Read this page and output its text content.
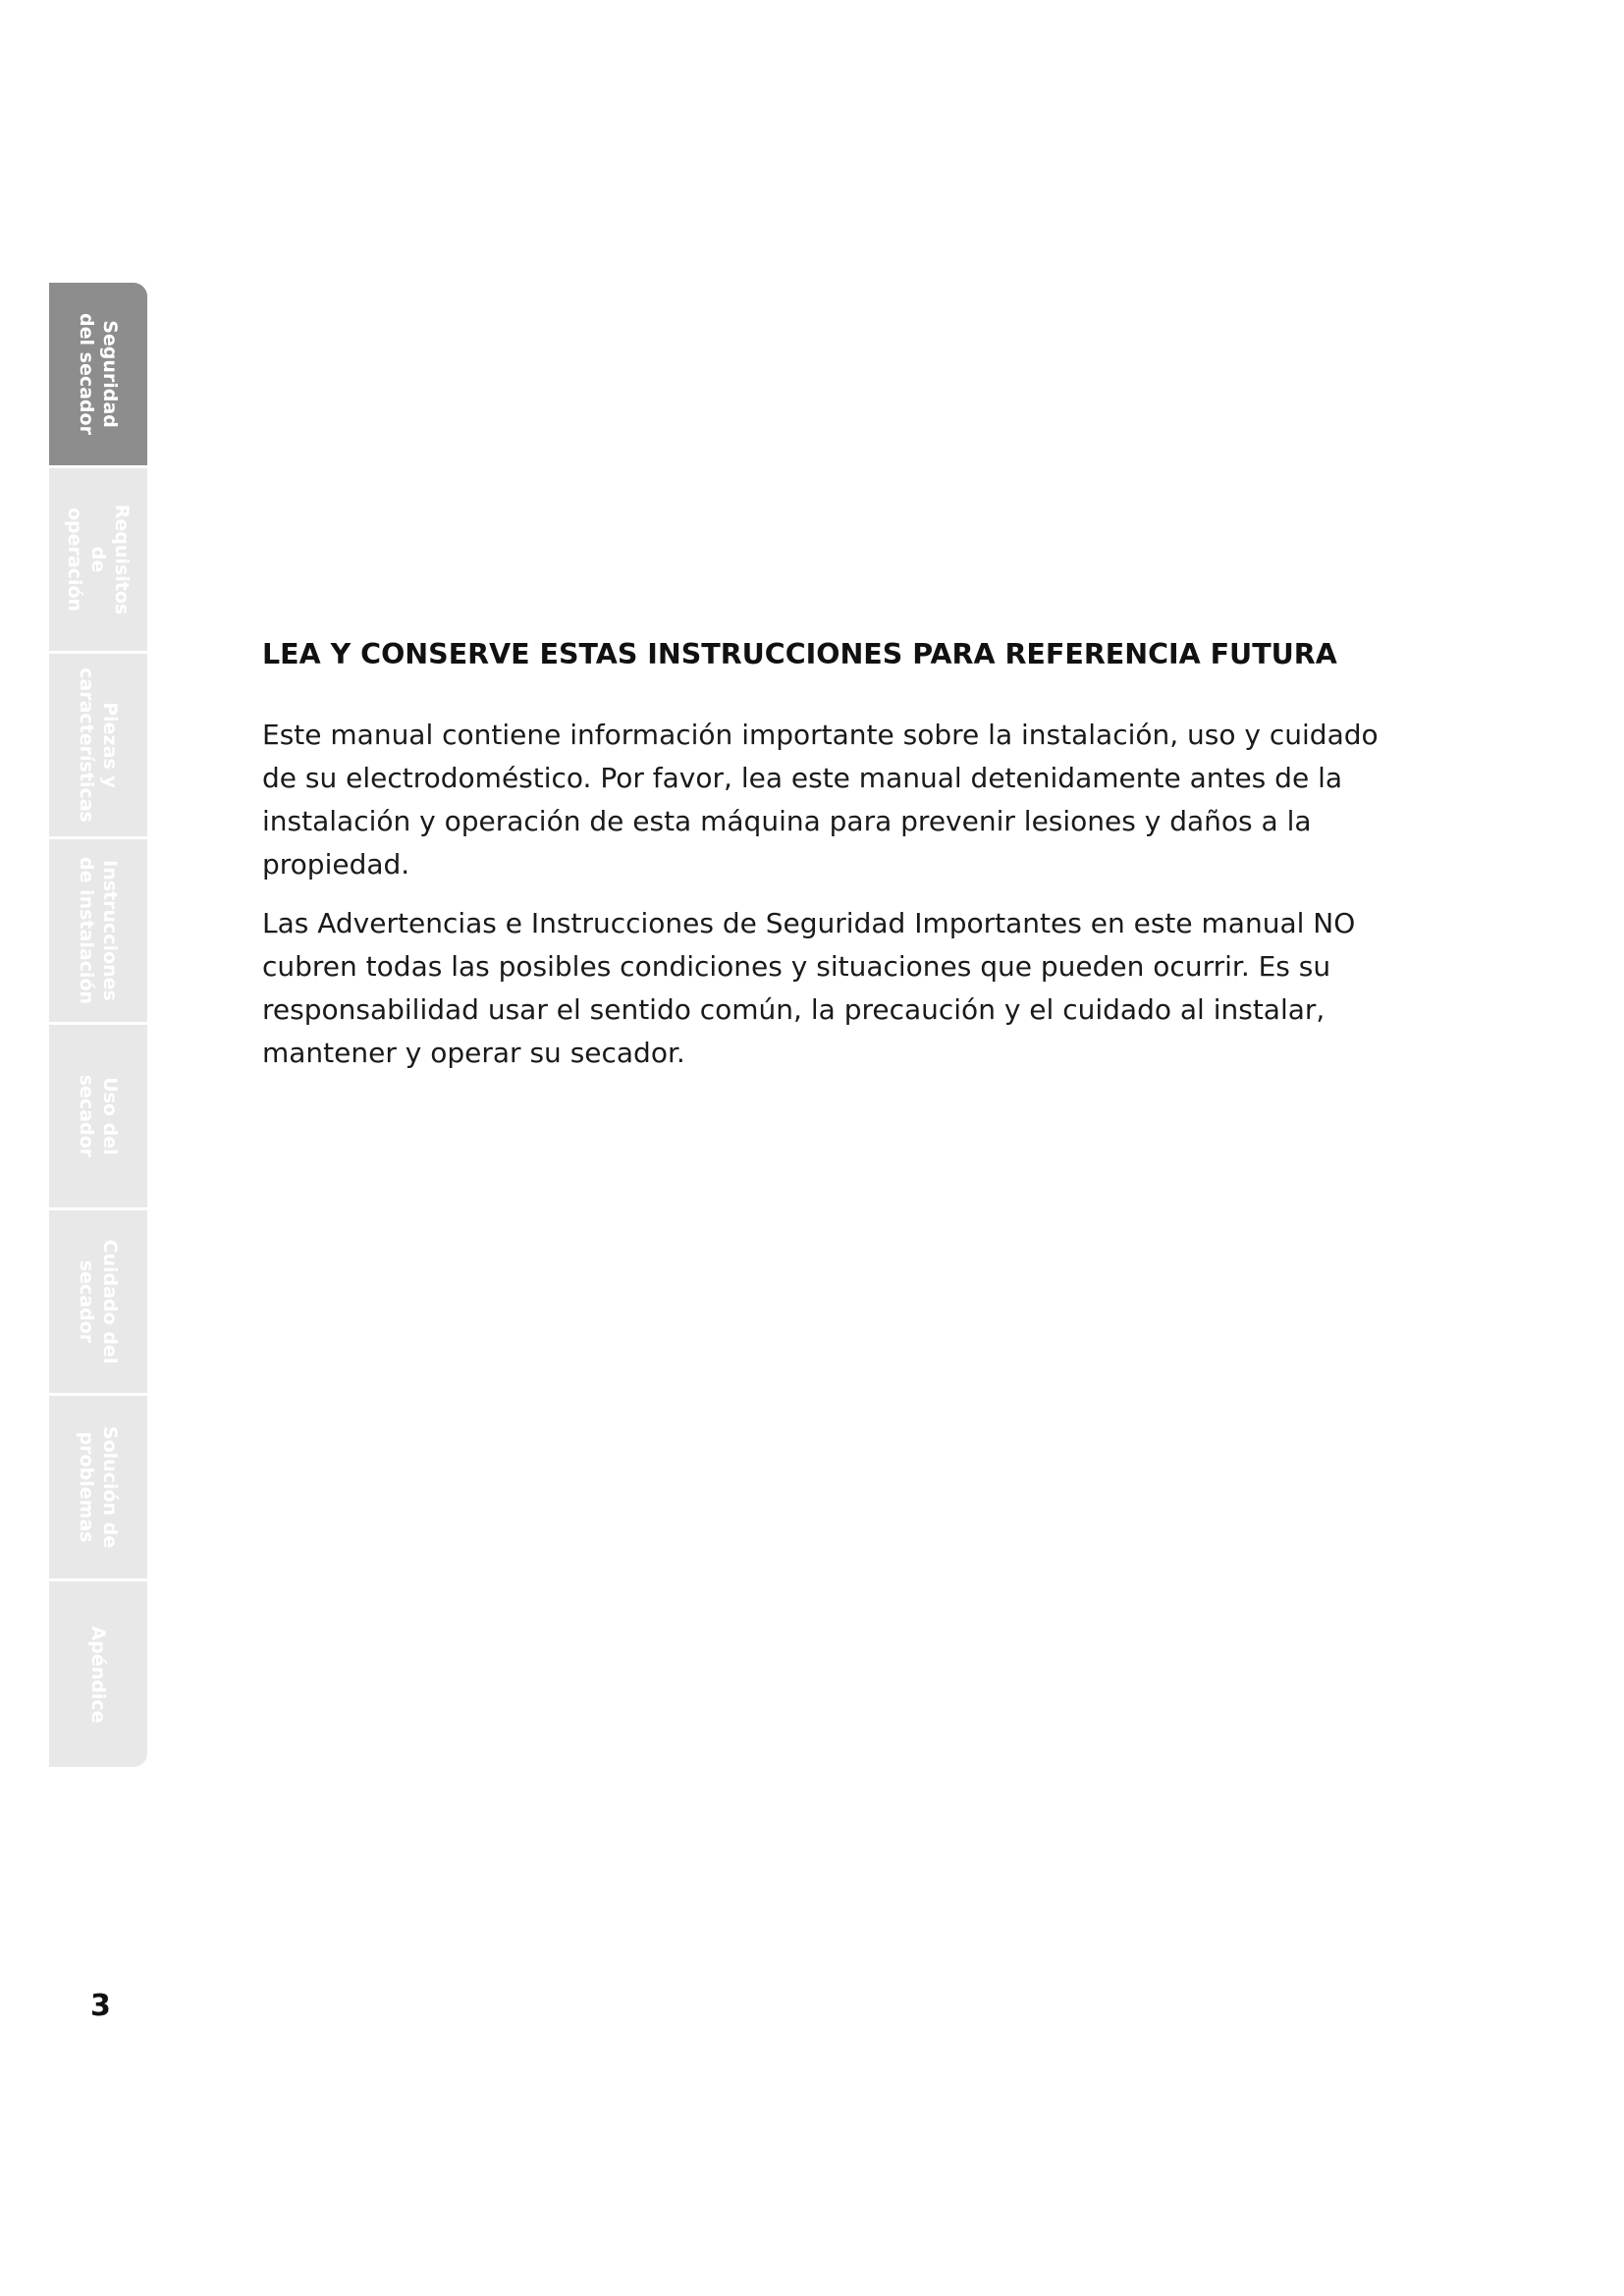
Seguridad
del secador
Requisitos
de
operación
Piezas y
características
Instrucciones
de instalación
Uso del
secador
Cuidado del
secador
Solución de
problemas
Apéndice
LEA Y CONSERVE ESTAS INSTRUCCIONES PARA REFERENCIA FUTURA

Este manual contiene información importante sobre la instalación, uso y cuidado de su electrodoméstico. Por favor, lea este manual detenidamente antes de la instalación y operación de esta máquina para prevenir lesiones y daños a la propiedad.

Las Advertencias e Instrucciones de Seguridad Importantes en este manual NO cubren todas las posibles condiciones y situaciones que pueden ocurrir. Es su responsabilidad usar el sentido común, la precaución y el cuidado al instalar, mantener y operar su secador.

3
